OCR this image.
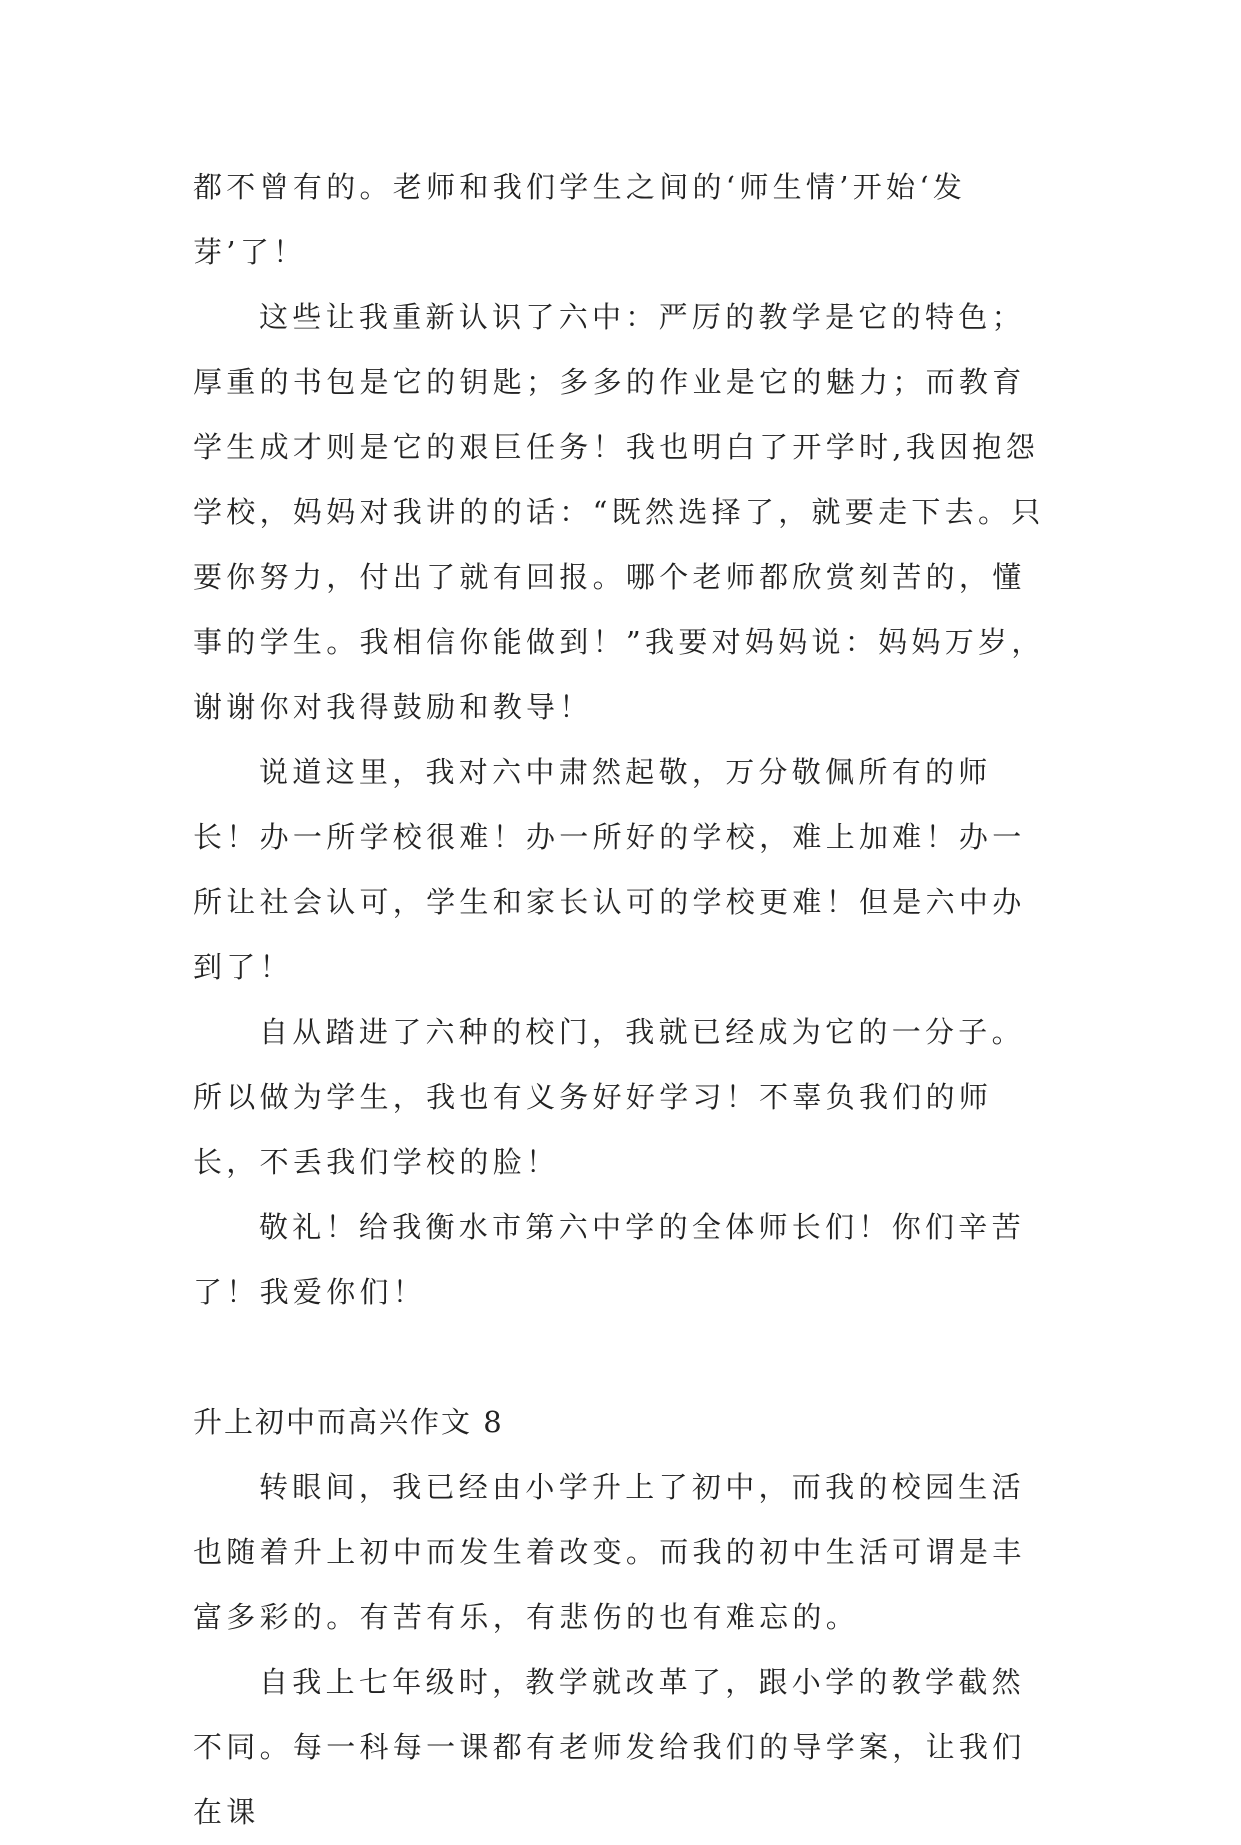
都不曾有的。老师和我们学生之间的‘师生情’开始‘发芽’了！

这些让我重新认识了六中：严厉的教学是它的特色；厚重的书包是它的钥匙；多多的作业是它的魅力；而教育学生成才则是它的艰巨任务！我也明白了开学时,我因抱怨学校，妈妈对我讲的的话：“既然选择了，就要走下去。只要你努力，付出了就有回报。哪个老师都欣赏刻苦的，懂事的学生。我相信你能做到！”我要对妈妈说：妈妈万岁，谢谢你对我得鼓励和教导！

说道这里，我对六中肃然起敬，万分敬佩所有的师长！办一所学校很难！办一所好的学校，难上加难！办一所让社会认可，学生和家长认可的学校更难！但是六中办到了！

自从踏进了六种的校门，我就已经成为它的一分子。所以做为学生，我也有义务好好学习！不辜负我们的师长，不丢我们学校的脸！

敬礼！给我衡水市第六中学的全体师长们！你们辛苦了！我爱你们！

升上初中而高兴作文 8

转眼间，我已经由小学升上了初中，而我的校园生活也随着升上初中而发生着改变。而我的初中生活可谓是丰富多彩的。有苦有乐，有悲伤的也有难忘的。

自我上七年级时，教学就改革了，跟小学的教学截然不同。每一科每一课都有老师发给我们的导学案，让我们在课
